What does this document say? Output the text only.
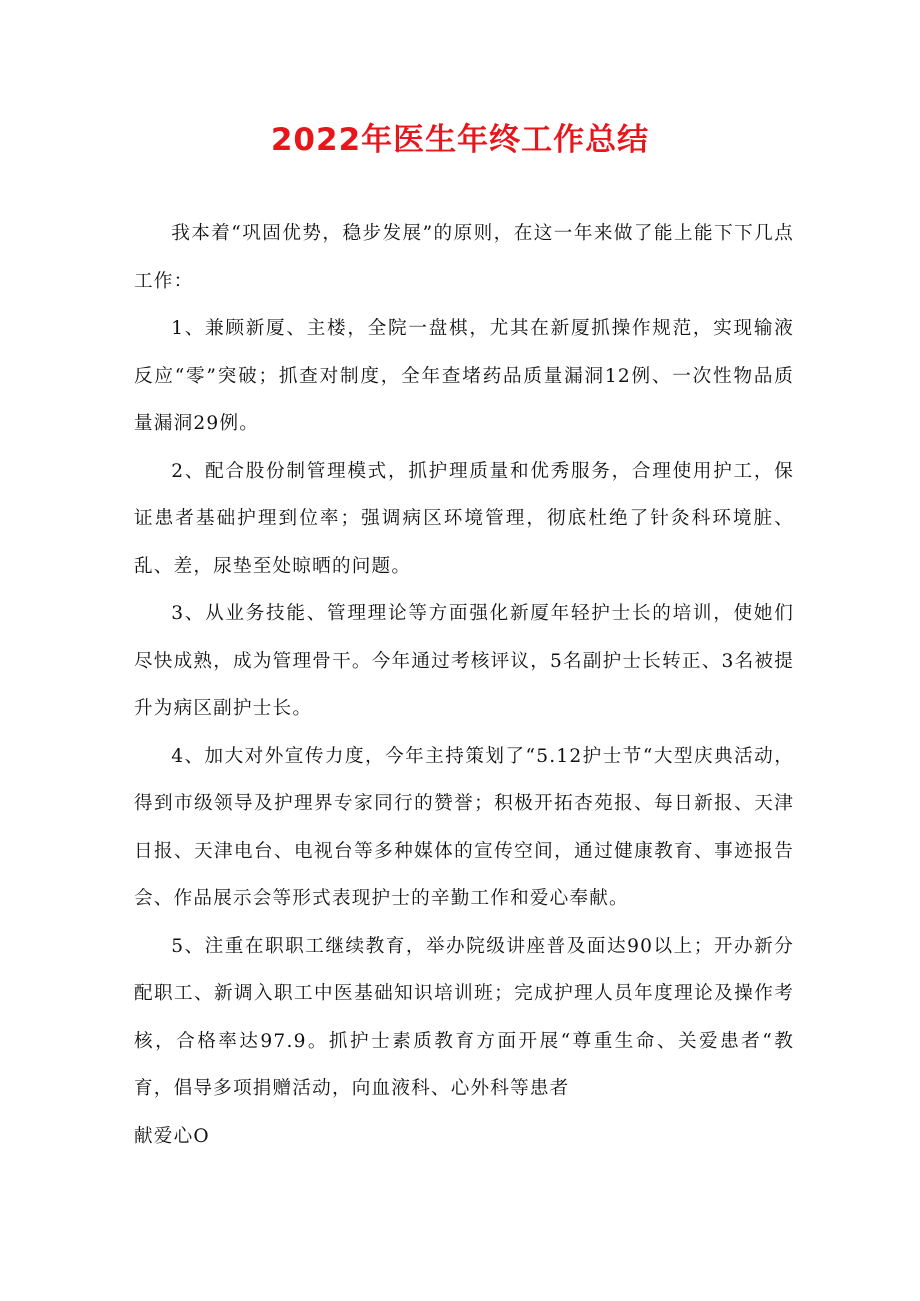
2022年医生年终工作总结

我本着“巩固优势，稳步发展”的原则，在这一年来做了能上能下下几点工作：

1、兼顾新厦、主楼，全院一盘棋，尤其在新厦抓操作规范，实现输液反应“零”突破；抓查对制度，全年查堵药品质量漏洞12例、一次性物品质量漏洞29例。

2、配合股份制管理模式，抓护理质量和优秀服务，合理使用护工，保证患者基础护理到位率；强调病区环境管理，彻底杜绝了针灸科环境脏、乱、差，尿垫至处晾晒的问题。

3、从业务技能、管理理论等方面强化新厦年轻护士长的培训，使她们尽快成熟，成为管理骨干。今年通过考核评议，5名副护士长转正、3名被提升为病区副护士长。

4、加大对外宣传力度，今年主持策划了“5.12护士节“大型庆典活动，得到市级领导及护理界专家同行的赞誉；积极开拓杏苑报、每日新报、天津日报、天津电台、电视台等多种媒体的宣传空间，通过健康教育、事迹报告会、作品展示会等形式表现护士的辛勤工作和爱心奉献。

5、注重在职职工继续教育，举办院级讲座普及面达90以上；开办新分配职工、新调入职工中医基础知识培训班；完成护理人员年度理论及操作考核，合格率达97.9。抓护士素质教育方面开展“尊重生命、关爱患者“教育，倡导多项捐赠活动，向血液科、心外科等患者

献爱心O
